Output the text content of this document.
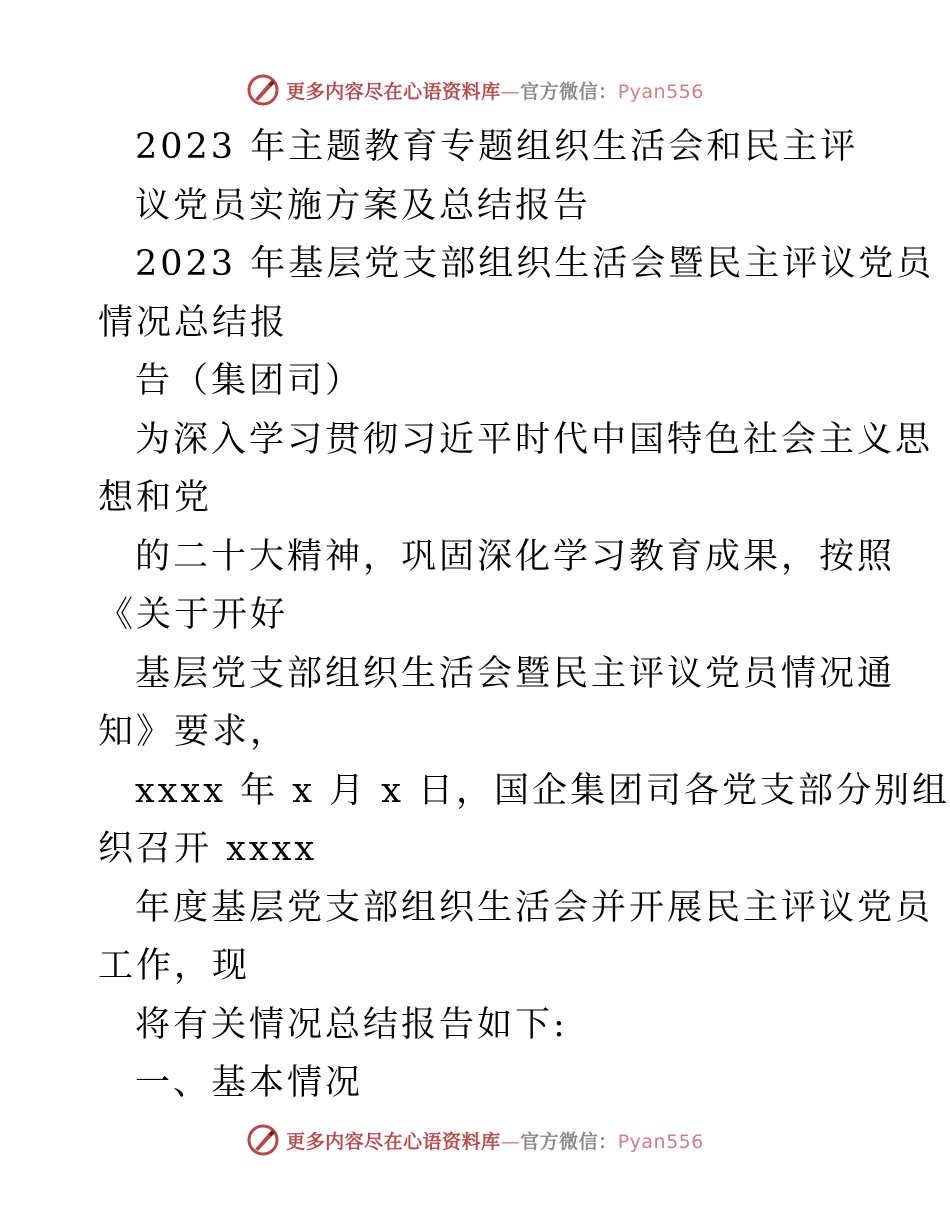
更多内容尽在心语资料库—官方微信：Pyan556
2023 年主题教育专题组织生活会和民主评
议党员实施方案及总结报告
2023 年基层党支部组织生活会暨民主评议党员
情况总结报
告（集团司）
为深入学习贯彻习近平时代中国特色社会主义思
想和党
的二十大精神，巩固深化学习教育成果，按照
《关于开好
基层党支部组织生活会暨民主评议党员情况通
知》要求，
xxxx 年 x 月 x 日，国企集团司各党支部分别组
织召开 xxxx
年度基层党支部组织生活会并开展民主评议党员
工作，现
将有关情况总结报告如下:
一、基本情况
更多内容尽在心语资料库—官方微信：Pyan556
